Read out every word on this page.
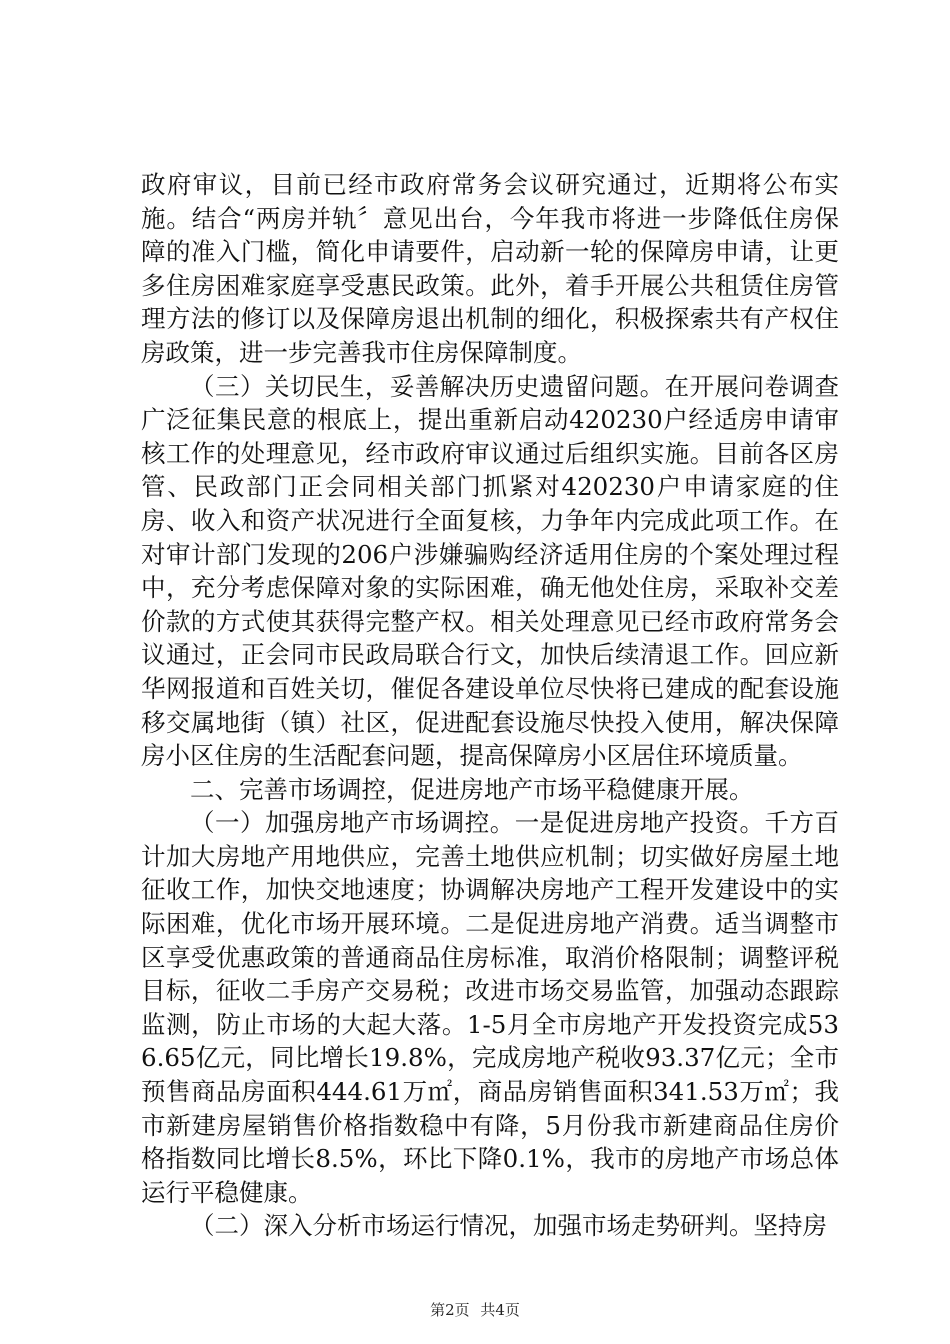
政府审议，目前已经市政府常务会议研究通过，近期将公布实施。结合“两房并轨〞意见出台，今年我市将进一步降低住房保障的准入门槛，简化申请要件，启动新一轮的保障房申请，让更多住房困难家庭享受惠民政策。此外，着手开展公共租赁住房管理方法的修订以及保障房退出机制的细化，积极探索共有产权住房政策，进一步完善我市住房保障制度。

（三）关切民生，妥善解决历史遗留问题。在开展问卷调查广泛征集民意的根底上，提出重新启动420230户经适房申请审核工作的处理意见，经市政府审议通过后组织实施。目前各区房管、民政部门正会同相关部门抓紧对420230户申请家庭的住房、收入和资产状况进行全面复核，力争年内完成此项工作。在对审计部门发现的206户涉嫌骗购经济适用住房的个案处理过程中，充分考虑保障对象的实际困难，确无他处住房，采取补交差价款的方式使其获得完整产权。相关处理意见已经市政府常务会议通过，正会同市民政局联合行文，加快后续清退工作。回应新华网报道和百姓关切，催促各建设单位尽快将已建成的配套设施移交属地街（镇）社区，促进配套设施尽快投入使用，解决保障房小区住房的生活配套问题，提高保障房小区居住环境质量。

二、完善市场调控，促进房地产市场平稳健康开展。

（一）加强房地产市场调控。一是促进房地产投资。千方百计加大房地产用地供应，完善土地供应机制；切实做好房屋土地征收工作，加快交地速度；协调解决房地产工程开发建设中的实际困难，优化市场开展环境。二是促进房地产消费。适当调整市区享受优惠政策的普通商品住房标准，取消价格限制；调整评税目标，征收二手房产交易税；改进市场交易监管，加强动态跟踪监测，防止市场的大起大落。1-5月全市房地产开发投资完成536.65亿元，同比增长19.8%，完成房地产税收93.37亿元；全市预售商品房面积444.61万㎡，商品房销售面积341.53万㎡；我市新建房屋销售价格指数稳中有降，5月份我市新建商品住房价格指数同比增长8.5%，环比下降0.1%，我市的房地产市场总体运行平稳健康。

（二）深入分析市场运行情况，加强市场走势研判。坚持房

第2页 共4页
